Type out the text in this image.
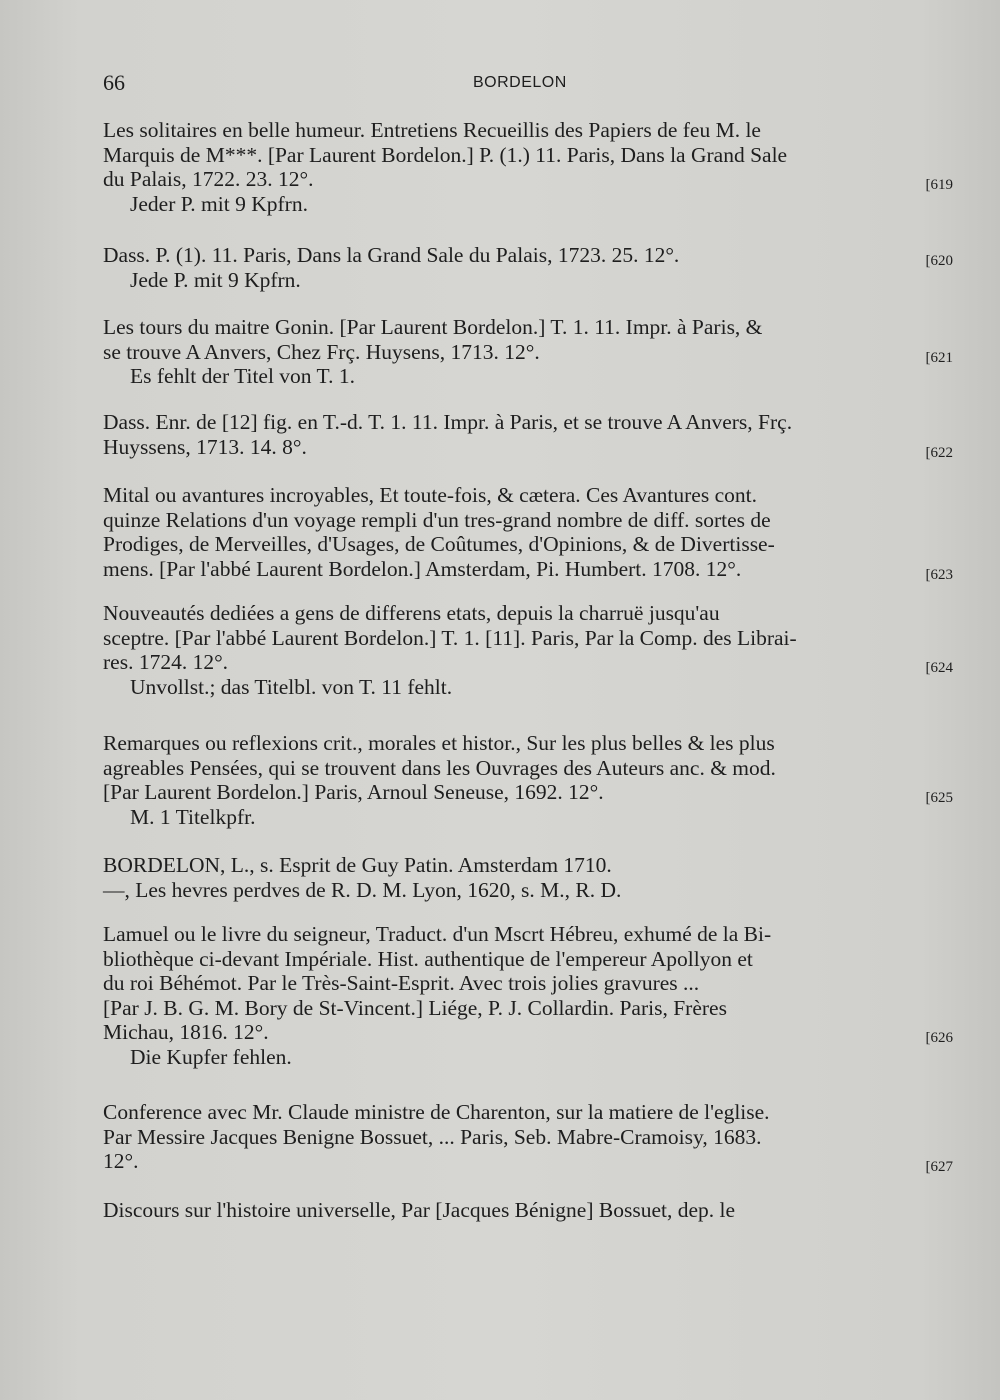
66	BORDELON
Les solitaires en belle humeur. Entretiens Recueillis des Papiers de feu M. le
Marquis de M***. [Par Laurent Bordelon.] P. (1.) 11. Paris, Dans la Grand Sale
du Palais, 1722. 23. 12°.	[619
Jeder P. mit 9 Kpfrn.
Dass. P. (1). 11. Paris, Dans la Grand Sale du Palais, 1723. 25. 12°.	[620
Jede P. mit 9 Kpfrn.
Les tours du maitre Gonin. [Par Laurent Bordelon.] T. 1. 11. Impr. à Paris, &
se trouve A Anvers, Chez Frç. Huysens, 1713. 12°.	[621
Es fehlt der Titel von T. 1.
Dass. Enr. de [12] fig. en T.-d. T. 1. 11. Impr. à Paris, et se trouve A Anvers, Frç.
Huyssens, 1713. 14. 8°.	[622
Mital ou avantures incroyables, Et toute-fois, & cætera. Ces Avantures cont.
quinze Relations d'un voyage rempli d'un tres-grand nombre de diff. sortes de
Prodiges, de Merveilles, d'Usages, de Coûtumes, d'Opinions, & de Divertisse-
mens. [Par l'abbé Laurent Bordelon.] Amsterdam, Pi. Humbert. 1708. 12°.	[623
Nouveautés dediées a gens de differens etats, depuis la charruë jusqu'au
sceptre. [Par l'abbé Laurent Bordelon.] T. 1. [11]. Paris, Par la Comp. des Librai-
res. 1724. 12°.	[624
Unvollst.; das Titelbl. von T. 11 fehlt.
Remarques ou reflexions crit., morales et histor., Sur les plus belles & les plus
agreables Pensées, qui se trouvent dans les Ouvrages des Auteurs anc. & mod.
[Par Laurent Bordelon.] Paris, Arnoul Seneuse, 1692. 12°.	[625
M. 1 Titelkpfr.
BORDELON, L., s. Esprit de Guy Patin. Amsterdam 1710.
—, Les hevres perdves de R. D. M. Lyon, 1620, s. M., R. D.
Lamuel ou le livre du seigneur, Traduct. d'un Mscrt Hébreu, exhumé de la Bi-
bliothèque ci-devant Impériale. Hist. authentique de l'empereur Apollyon et
du roi Béhémot. Par le Très-Saint-Esprit. Avec trois jolies gravures ...
[Par J. B. G. M. Bory de St-Vincent.] Liége, P. J. Collardin. Paris, Frères
Michau, 1816. 12°.	[626
Die Kupfer fehlen.
Conference avec Mr. Claude ministre de Charenton, sur la matiere de l'eglise.
Par Messire Jacques Benigne Bossuet, ... Paris, Seb. Mabre-Cramoisy, 1683.
12°.	[627
Discours sur l'histoire universelle, Par [Jacques Bénigne] Bossuet, dep. le
